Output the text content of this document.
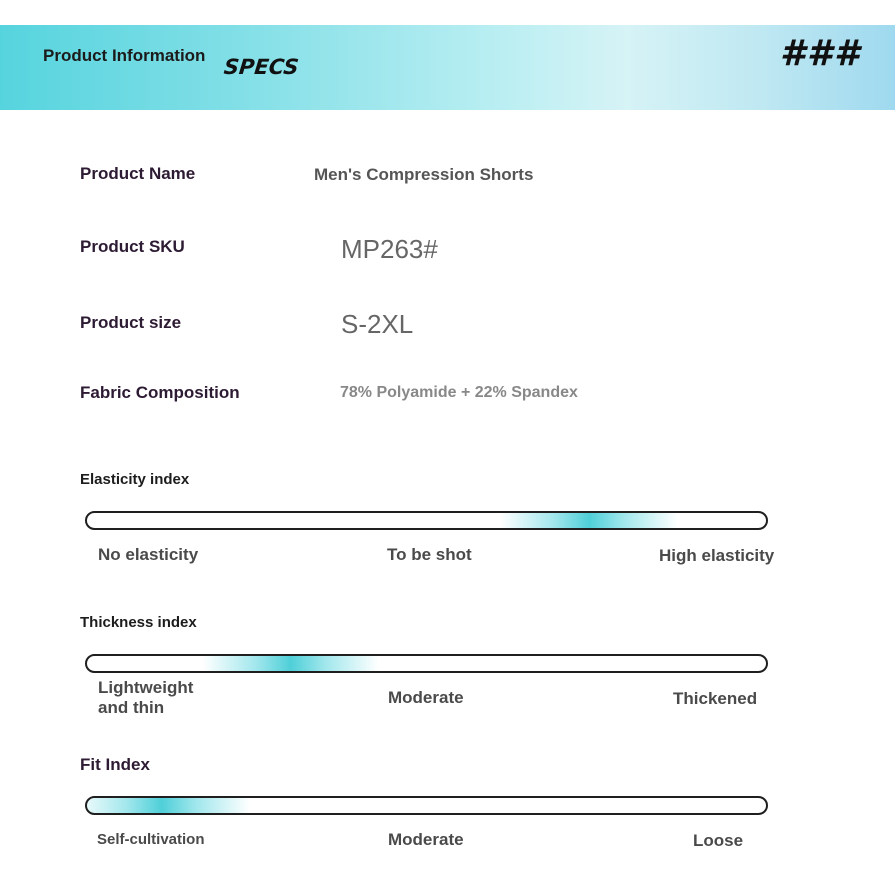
Product Information SPECS	###
Product Name	Men's Compression Shorts
Product SKU	MP263#
Product size	S-2XL
Fabric Composition	78% Polyamide + 22% Spandex
Elasticity index
No elasticity	To be shot	High elasticity
Thickness index
Lightweight
and thin
Moderate	Thickened
Fit Index
Self-cultivation	Moderate	Loose
